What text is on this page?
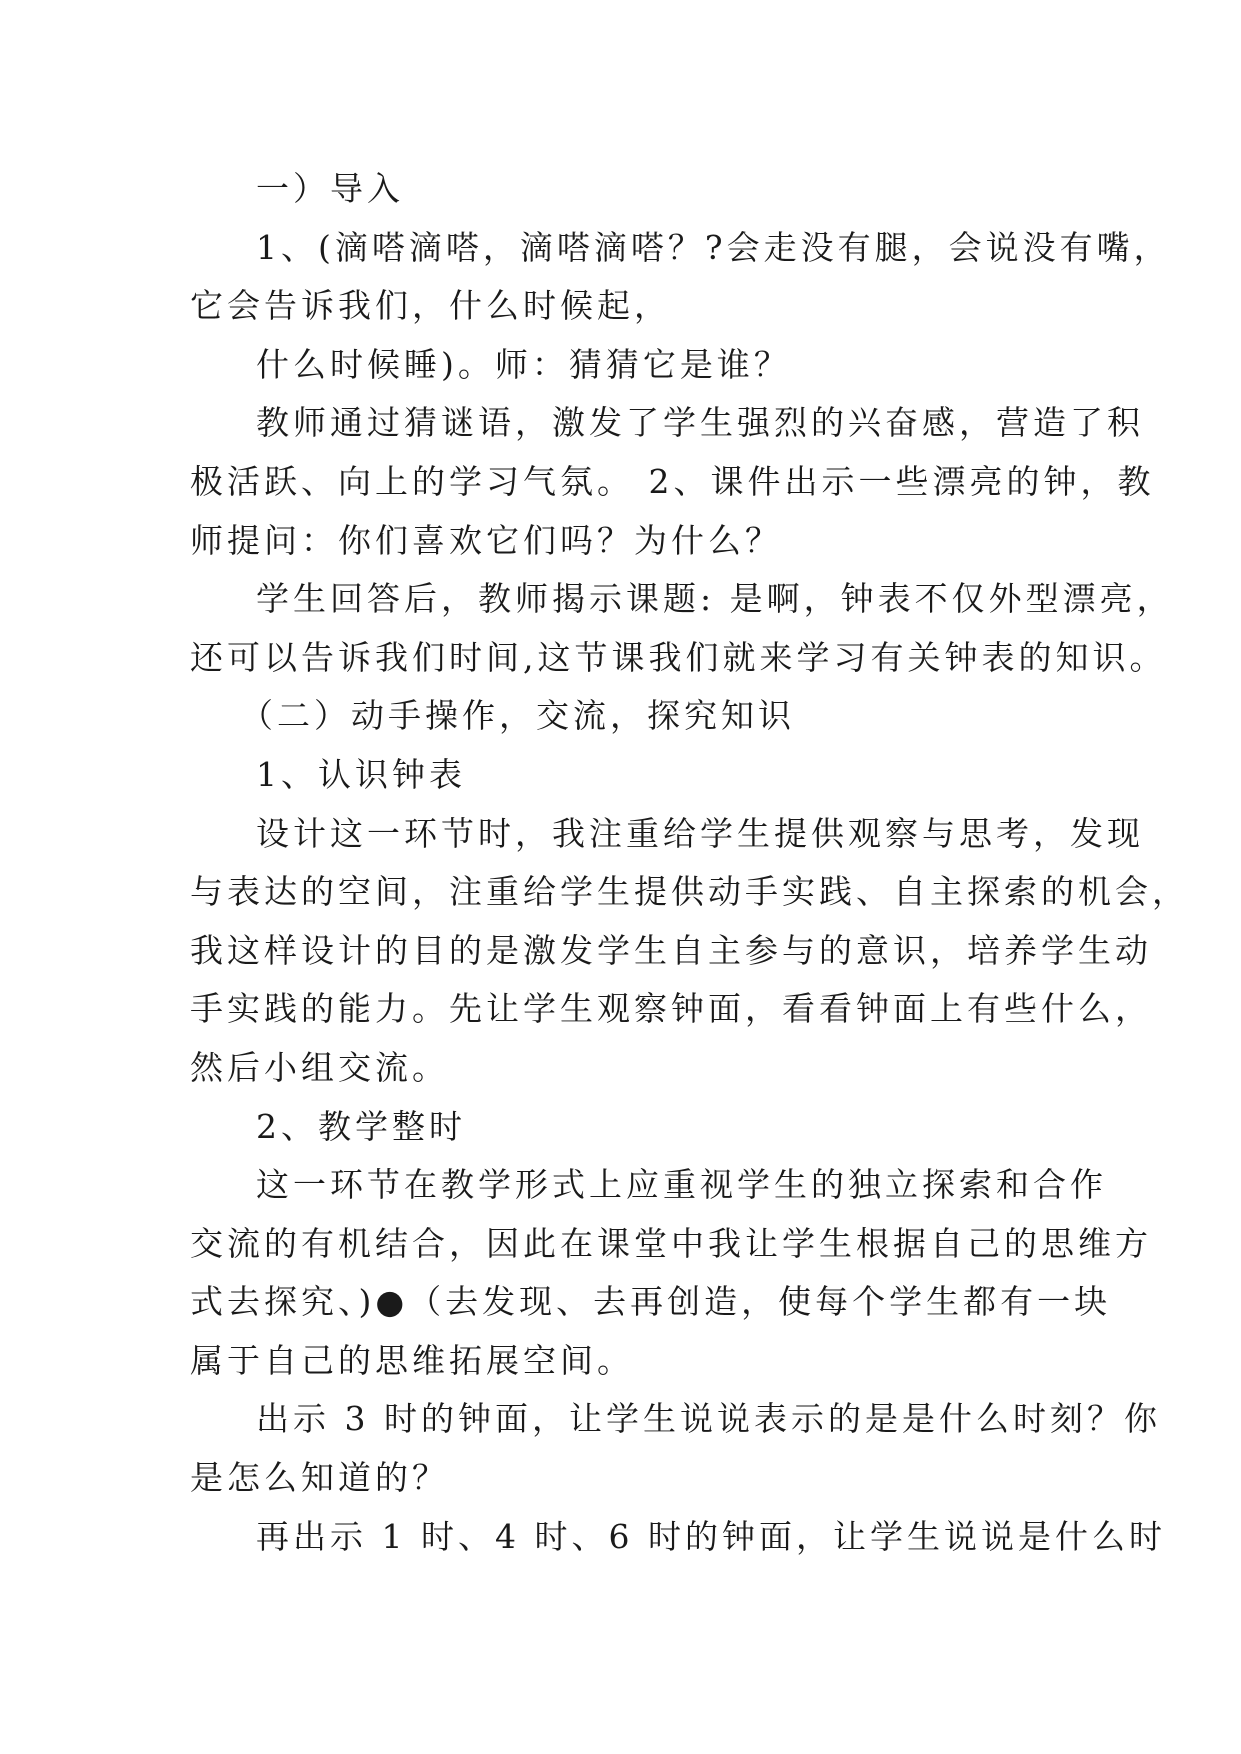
一）导入

1、(滴嗒滴嗒，滴嗒滴嗒？?会走没有腿，会说没有嘴，

它会告诉我们，什么时候起，

什么时候睡)。师：猜猜它是谁？

教师通过猜谜语，激发了学生强烈的兴奋感，营造了积

极活跃、向上的学习气氛。 2、课件出示一些漂亮的钟，教

师提问：你们喜欢它们吗？为什么？

学生回答后，教师揭示课题: 是啊，钟表不仅外型漂亮，

还可以告诉我们时间,这节课我们就来学习有关钟表的知识。

（二）动手操作，交流，探究知识

1、认识钟表

设计这一环节时，我注重给学生提供观察与思考，发现

与表达的空间，注重给学生提供动手实践、自主探索的机会，

我这样设计的目的是激发学生自主参与的意识，培养学生动

手实践的能力。先让学生观察钟面，看看钟面上有些什么，

然后小组交流。

2、教学整时

这一环节在教学形式上应重视学生的独立探索和合作

交流的有机结合，因此在课堂中我让学生根据自己的思维方

式去探究、)●（去发现、去再创造，使每个学生都有一块

属于自己的思维拓展空间。

出示 3 时的钟面，让学生说说表示的是是什么时刻？你

是怎么知道的？

再出示 1 时、4 时、6 时的钟面，让学生说说是什么时
